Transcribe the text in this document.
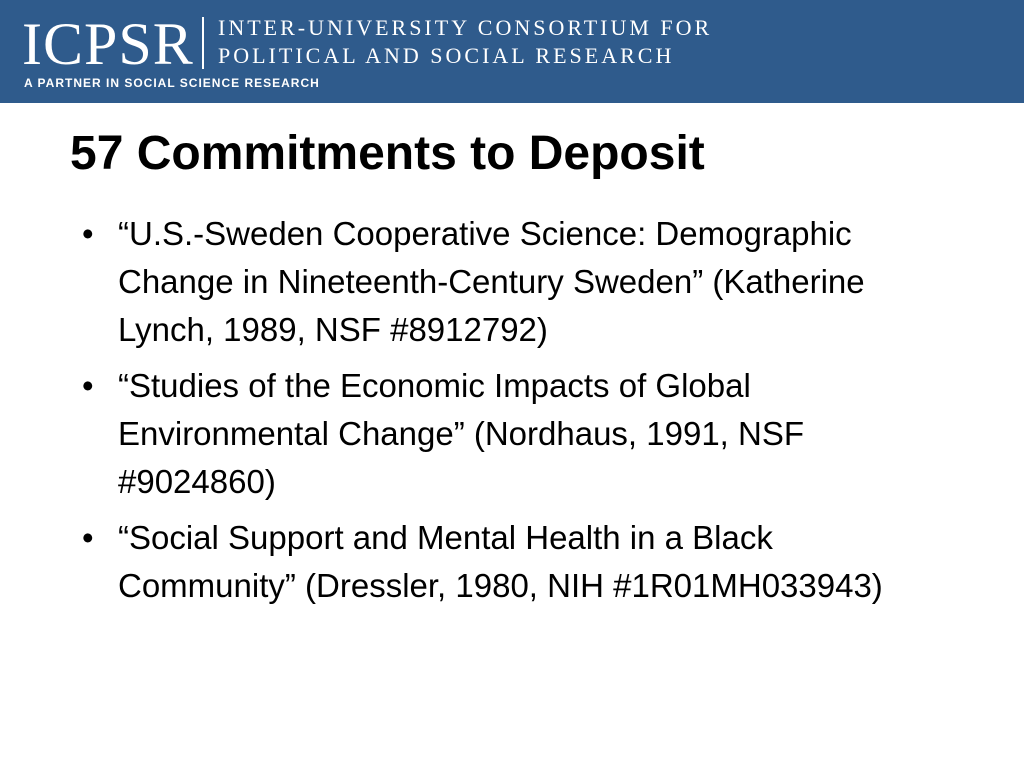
ICPSR INTER-UNIVERSITY CONSORTIUM FOR
POLITICAL AND SOCIAL RESEARCH
A PARTNER IN SOCIAL SCIENCE RESEARCH
57 Commitments to Deposit
• “U.S.-Sweden Cooperative Science: Demographic Change in Nineteenth-Century Sweden” (Katherine Lynch, 1989, NSF #8912792)
• “Studies of the Economic Impacts of Global Environmental Change” (Nordhaus, 1991, NSF #9024860)
• “Social Support and Mental Health in a Black Community” (Dressler, 1980, NIH #1R01MH033943)
